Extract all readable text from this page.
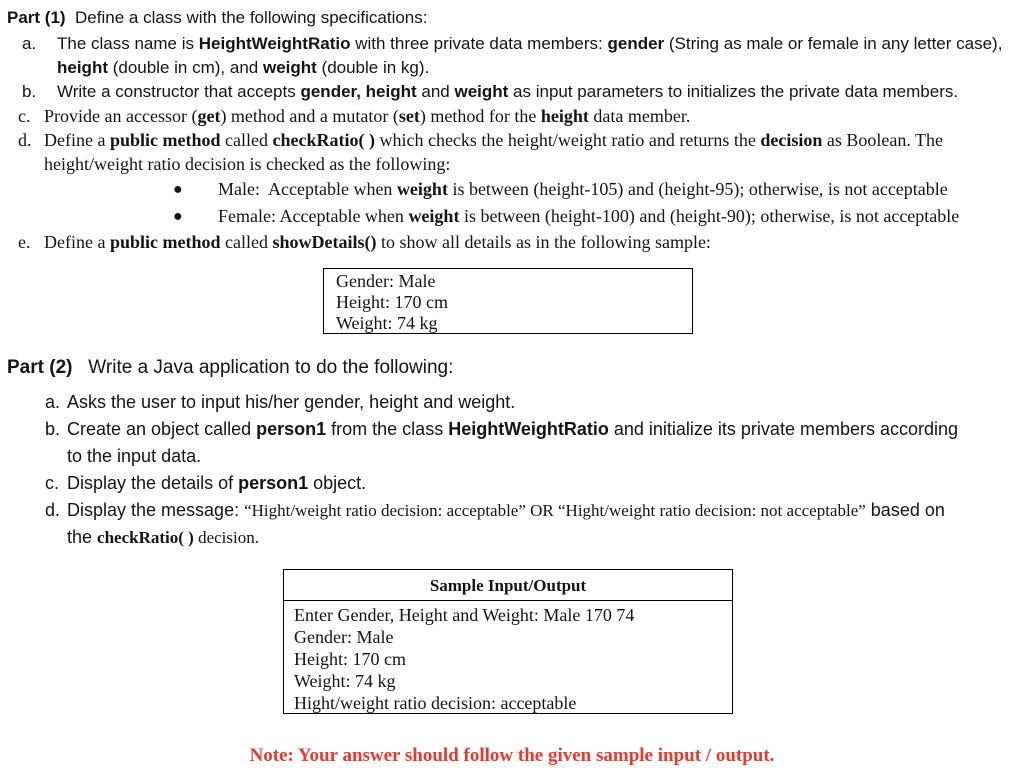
Part (1)  Define a class with the following specifications:
a. The class name is HeightWeightRatio with three private data members: gender (String as male or female in any letter case), height (double in cm), and weight (double in kg).
b. Write a constructor that accepts gender, height and weight as input parameters to initializes the private data members.
c. Provide an accessor (get) method and a mutator (set) method for the height data member.
d. Define a public method called checkRatio( ) which checks the height/weight ratio and returns the decision as Boolean. The height/weight ratio decision is checked as the following:
● Male:  Acceptable when weight is between (height-105) and (height-95); otherwise, is not acceptable
● Female: Acceptable when weight is between (height-100) and (height-90); otherwise, is not acceptable
e. Define a public method called showDetails() to show all details as in the following sample:
Gender: Male
Height: 170 cm
Weight: 74 kg
Part (2)   Write a Java application to do the following:
a. Asks the user to input his/her gender, height and weight.
b. Create an object called person1 from the class HeightWeightRatio and initialize its private members according to the input data.
c. Display the details of person1 object.
d. Display the message: “Hight/weight ratio decision: acceptable” OR “Hight/weight ratio decision: not acceptable” based on the checkRatio( ) decision.
Sample Input/Output
Enter Gender, Height and Weight: Male 170 74
Gender: Male
Height: 170 cm
Weight: 74 kg
Hight/weight ratio decision: acceptable
Note: Your answer should follow the given sample input / output.
